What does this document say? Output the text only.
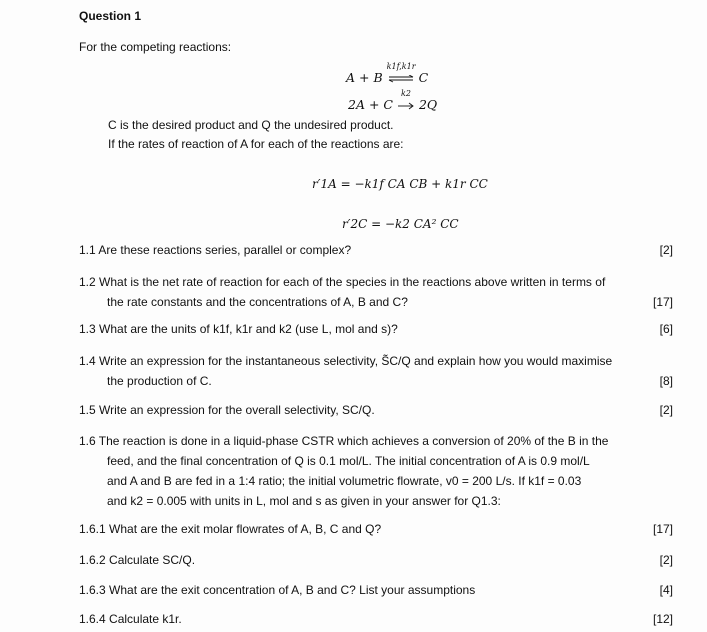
Question 1
For the competing reactions:
A + B
k1f,k1r
C
2A + C
k2
2Q
C is the desired product and Q the undesired product.
If the rates of reaction of A for each of the reactions are:
r′1A = −k1f CA CB + k1r CC
r′2C = −k2 CA² CC
1.1 Are these reactions series, parallel or complex?	[2]
1.2 What is the net rate of reaction for each of the species in the reactions above written in terms of
the rate constants and the concentrations of A, B and C?	[17]
1.3 What are the units of k1f, k1r and k2 (use L, mol and s)?	[6]
1.4 Write an expression for the instantaneous selectivity, S̃C/Q and explain how you would maximise
the production of C.	[8]
1.5 Write an expression for the overall selectivity, SC/Q.	[2]
1.6 The reaction is done in a liquid-phase CSTR which achieves a conversion of 20% of the B in the
feed, and the final concentration of Q is 0.1 mol/L. The initial concentration of A is 0.9 mol/L
and A and B are fed in a 1:4 ratio; the initial volumetric flowrate, v0 = 200 L/s. If k1f = 0.03
and k2 = 0.005 with units in L, mol and s as given in your answer for Q1.3:
1.6.1 What are the exit molar flowrates of A, B, C and Q?	[17]
1.6.2 Calculate SC/Q.	[2]
1.6.3 What are the exit concentration of A, B and C? List your assumptions	[4]
1.6.4 Calculate k1r.	[12]
